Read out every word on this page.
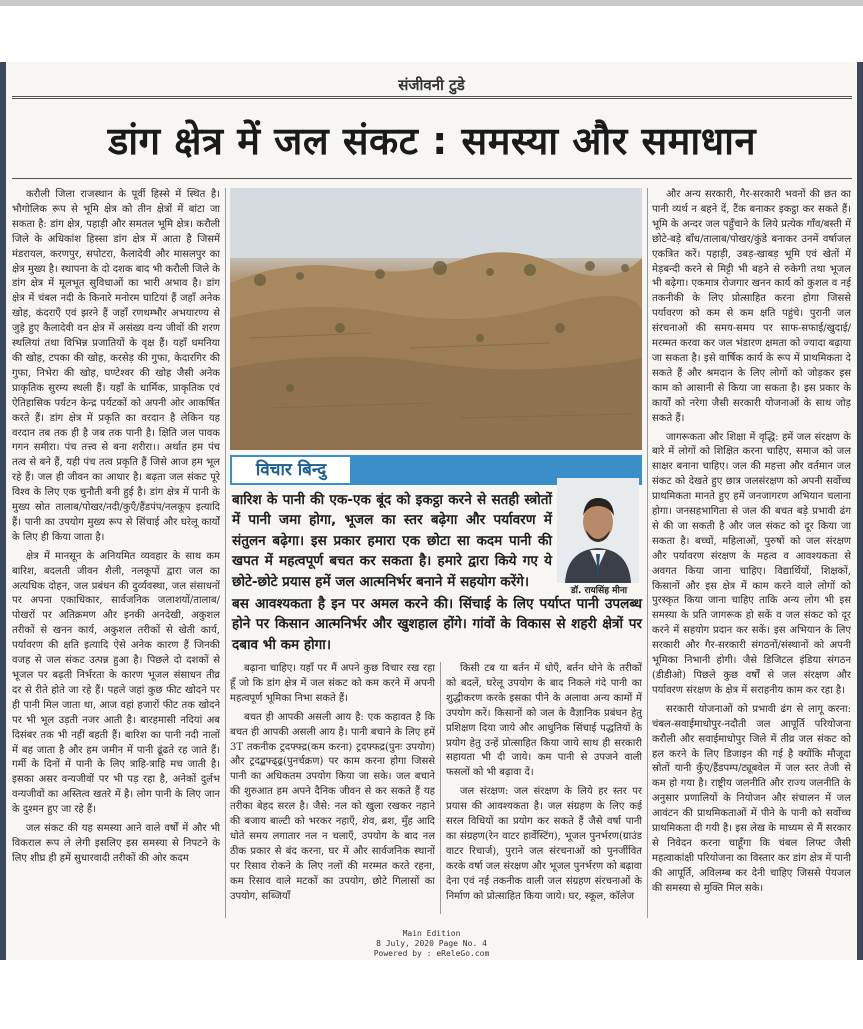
संजीवनी टुडे
डांग क्षेत्र में जल संकट : समस्या और समाधान

करौली जिला राजस्थान के पूर्वी हिस्से में स्थित है। भौगोलिक रूप से भूमि क्षेत्र को तीन क्षेत्रों में बांटा जा सकता है: डांग क्षेत्र, पहाड़ी और समतल भूमि क्षेत्र। करौली जिले के अधिकांश हिस्सा डांग क्षेत्र में आता है जिसमें मंडरायल, करणपुर, सपोटरा, कैलादेवी और मासलपुर का क्षेत्र मुख्य है। स्थापना के दो दशक बाद भी करौली जिले के डांग क्षेत्र में मूलभूत सुविधाओं का भारी अभाव है। डांग क्षेत्र में चंबल नदी के किनारे मनोरम घाटियां हैं जहाँ अनेक खोह, कंदराएँ एवं झरने हैं जहाँ रणथम्भौर अभयारण्य से जुड़े हुए कैलादेवी वन क्षेत्र में असंख्य वन्य जीवों की शरण स्थलियां तथा विभिन्न प्रजातियों के वृक्ष हैं। यहाँ धमनिया की खोह, टपका की खोह, करसेड़ की गुफा, केदारगिर की गुफा, निभेरा की खोह, घण्टेश्वर की खोह जैसी अनेक प्राकृतिक सुरम्य स्थली हैं। यहाँ के धार्मिक, प्राकृतिक एवं ऐतिहासिक पर्यटन केन्द्र पर्यटकों को अपनी ओर आकर्षित करते हैं। डांग क्षेत्र में प्रकृति का वरदान है लेकिन यह वरदान तब तक ही है जब तक पानी है। क्षिति जल पावक गगन समीरा। पंच तत्त्व से बना शरीरा।। अर्थात हम पंच तत्व से बने हैं, यही पंच तत्व प्रकृति हैं जिसे आज हम भूल रहे हैं। जल ही जीवन का आधार है। बढ़ता जल संकट पूरे विश्व के लिए एक चुनौती बनी हुई है। डांग क्षेत्र में पानी के मुख्य स्रोत तालाब/पोखर/नदी/कुएँ/हैंडपंप/नलकूप इत्यादि हैं। पानी का उपयोग मुख्य रूप से सिंचाई और घरेलू कार्यों के लिए ही किया जाता है।

क्षेत्र में मानसून के अनियमित व्यवहार के साथ कम बारिश, बदलती जीवन शैली, नलकूपों द्वारा जल का अत्यधिक दोहन, जल प्रबंधन की दुर्व्यवस्था, जल संसाधनों पर अपना एकाधिकार, सार्वजनिक जलाशयों/तालाब/पोखरों पर अतिक्रमण और इनकी अनदेखी, अकुशल तरीकों से खनन कार्य, अकुशल तरीकों से खेती कार्य, पर्यावरण की क्षति इत्यादि ऐसे अनेक कारण हैं जिनकी वजह से जल संकट उत्पन्न हुआ है। पिछले दो दशकों से भूजल पर बढ़ती निर्भरता के कारण भूजल संसाधन तीव्र दर से रीते होते जा रहे हैं। पहले जहां कुछ फीट खोदने पर ही पानी मिल जाता था, आज वहां हजारों फीट तक खोदने पर भी भूल उड़ती नजर आती है। बारहमासी नदियां अब दिसंबर तक भी नहीं बहती हैं। बारिश का पानी नदी नालों में बह जाता है और हम जमीन में पानी ढूंढते रह जाते हैं। गर्मी के दिनों में पानी के लिए त्राहि-त्राहि मच जाती है। इसका असर वन्यजीवों पर भी पड़ रहा है, अनेकों दुर्लभ वन्यजीवों का अस्तित्व खतरे में है। लोग पानी के लिए जान के दुश्मन हुए जा रहे हैं।

जल संकट की यह समस्या आने वाले वर्षों में और भी विकराल रूप ले लेगी इसलिए इस समस्या से निपटने के लिए शीघ्र ही हमें सुधारवादी तरीकों की ओर कदम

विचार बिन्दु
बारिश के पानी की एक-एक बूंद को इकट्ठा करने से सतही स्त्रोतों में पानी जमा होगा, भूजल का स्तर बढ़ेगा और पर्यावरण में संतुलन बढ़ेगा। इस प्रकार हमारा एक छोटा सा कदम पानी की खपत में महत्वपूर्ण बचत कर सकता है। हमारे द्वारा किये गए ये छोटे-छोटे प्रयास हमें जल आत्मनिर्भर बनाने में सहयोग करेंगे।
बस आवश्यकता है इन पर अमल करने की। सिंचाई के लिए पर्याप्त पानी उपलब्ध होने पर किसान आत्मनिर्भर और खुशहाल होंगे। गांवों के विकास से शहरी क्षेत्रों पर दबाव भी कम होगा।
डॉ. रायसिंह मीना

बढ़ाना चाहिए। यहाँ पर मैं अपने कुछ विचार रख रहा हूँ जो कि डांग क्षेत्र में जल संकट को कम करने में अपनी महत्वपूर्ण भूमिका निभा सकते हैं।

बचत ही आपकी असली आय है: एक कहावत है कि बचत ही आपकी असली आय है। पानी बचाने के लिए हमें 3T तकनीक ट्रदफ्फ्द्र(कम करना) ट्रदफ्फद्र(पुनः उपयोग) और ट्रदद्बफ्ढ्ढ्र(पुनर्चक्रण) पर काम करना होगा जिससे पानी का अधिकतम उपयोग किया जा सके। जल बचाने की शुरुआत हम अपने दैनिक जीवन से कर सकते हैं यह तरीका बेहद सरल है। जैसे: नल को खुला रखकर नहाने की बजाय बाल्टी को भरकर नहाएँ, शेव, ब्रश, मुँह आदि धोते समय लगातार नल न चलाएँ, उपयोग के बाद नल ठीक प्रकार से बंद करना, घर में और सार्वजनिक स्थानों पर रिसाव रोकने के लिए नलों की मरम्मत करते रहना, कम रिसाव वाले मटकों का उपयोग, छोटे गिलासों का उपयोग, सब्जियाँ

किसी टब या बर्तन में धोएँ, बर्तन धोने के तरीकों को बदलें, घरेलू उपयोग के बाद निकले गंदे पानी का शुद्धीकरण करके इसका पीने के अलावा अन्य कामों में उपयोग करें। किसानों को जल के वैज्ञानिक प्रबंधन हेतु प्रशिक्षण दिया जाये और आधुनिक सिंचाई पद्धतियों के प्रयोग हेतु उन्हें प्रोत्साहित किया जाये साथ ही सरकारी सहायता भी दी जाये। कम पानी से उपजने वाली फसलों को भी बढ़ावा दें।

जल संरक्षण: जल संरक्षण के लिये हर स्तर पर प्रयास की आवश्यकता है। जल संग्रहण के लिए कई सरल विधियों का प्रयोग कर सकते हैं जैसे वर्षा पानी का संग्रहण(रेन वाटर हार्वेस्टिंग), भूजल पुनर्भरण(ग्राउंड वाटर रिचार्ज), पुराने जल संरचनाओं को पुनर्जीवित करके वर्षा जल संरक्षण और भूजल पुनर्भरण को बढ़ावा देना एवं नई तकनीक वाली जल संग्रहण संरचनाओं के निर्माण को प्रोत्साहित किया जाये। घर, स्कूल, कॉलेज

और अन्य सरकारी, गैर-सरकारी भवनों की छत का पानी व्यर्थ न बहने दें, टैंक बनाकर इकट्ठा कर सकते हैं। भूमि के अन्दर जल पहुँचाने के लिये प्रत्येक गाँव/बस्ती में छोटे-बड़े बाँध/तालाब/पोखर/कुंडे बनाकर उनमें वर्षाजल एकत्रित करें। पहाड़ी, उबड़-खाबड़ भूमि एवं खेतों में मेड़बन्दी करने से मिट्टी भी बहने से रुकेगी तथा भूजल भी बढ़ेगा। एकमात्र रोजगार खनन कार्य को कुशल व नई तकनीकी के लिए प्रोत्साहित करना होगा जिससे पर्यावरण को कम से कम क्षति पहुंचे। पुरानी जल संरचनाओं की समय-समय पर साफ-सफाई/खुदाई/मरम्मत करवा कर जल भंडारण क्षमता को ज्यादा बढ़ाया जा सकता है। इसे वार्षिक कार्य के रूप में प्राथमिकता दे सकते हैं और श्रमदान के लिए लोगों को जोड़कर इस काम को आसानी से किया जा सकता है। इस प्रकार के कार्यों को नरेगा जैसी सरकारी योजनाओं के साथ जोड़ सकते हैं।

जागरूकता और शिक्षा में वृद्धि: हमें जल संरक्षण के बारे में लोगों को शिक्षित करना चाहिए, समाज को जल साक्षर बनाना चाहिए। जल की महत्ता और वर्तमान जल संकट को देखते हुए छात्र जलसंरक्षण को अपनी सर्वोच्च प्राथमिकता मानते हुए हमें जनजागरण अभियान चलाना होगा। जनसहभागिता से जल की बचत बड़े प्रभावी ढंग से की जा सकती है और जल संकट को दूर किया जा सकता है। बच्चों, महिलाओं, पुरुषों को जल संरक्षण और पर्यावरण संरक्षण के महत्व व आवश्यकता से अवगत किया जाना चाहिए। विद्यार्थियों, शिक्षकों, किसानों और इस क्षेत्र में काम करने वाले लोगों को पुरस्कृत किया जाना चाहिए ताकि अन्य लोग भी इस समस्या के प्रति जागरूक हो सकें व जल संकट को दूर करने में सहयोग प्रदान कर सकें। इस अभियान के लिए सरकारी और गैर-सरकारी संगठनों/संस्थानों को अपनी भूमिका निभानी होगी। जैसे डिजिटल इंडिया संगठन (डीडीओ) पिछले कुछ वर्षों से जल संरक्षण और पर्यावरण संरक्षण के क्षेत्र में सराहनीय काम कर रहा है।

सरकारी योजनाओं को प्रभावी ढंग से लागू करना: चंबल-सवाईमाधोपुर-नदौती जल आपूर्ति परियोजना करौली और सवाईमाधोपुर जिले में तीव्र जल संकट को हल करने के लिए डिजाइन की गई है क्योंकि मौजूदा स्रोतों यानी कुँए/हैंडपम्प/ट्यूबवेल में जल स्तर तेजी से कम हो गया है। राष्ट्रीय जलनीति और राज्य जलनीति के अनुसार प्रणालियों के नियोजन और संचालन में जल आवंटन की प्राथमिकताओं में पीने के पानी को सर्वोच्च प्राथमिकता दी गयी है। इस लेख के माध्यम से मैं सरकार से निवेदन करना चाहूँगा कि चंबल लिफ्ट जैसी महत्वाकांक्षी परियोजना का विस्तार कर डांग क्षेत्र में पानी की आपूर्ति, अविलम्ब कर देनी चाहिए जिससे पेयजल की समस्या से मुक्ति मिल सके।

Main Edition
8 July, 2020 Page No. 4
Powered by : eReleGo.com
